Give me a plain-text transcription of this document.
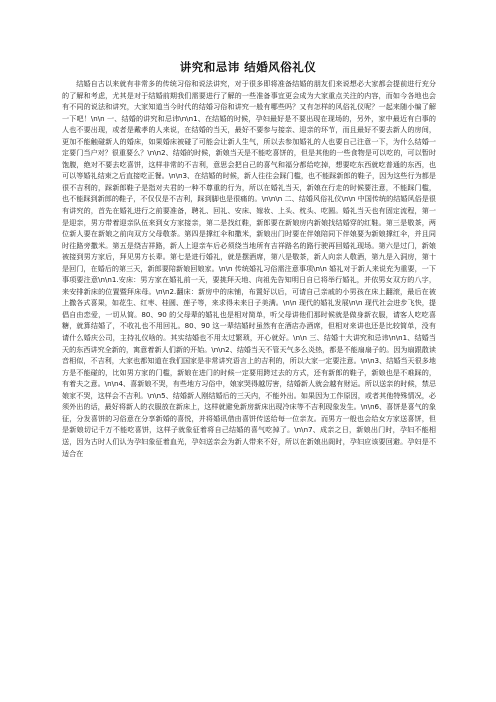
讲究和忌讳 结婚风俗礼仪

结婚自古以来就有非常多的传统习俗和说法讲究，对于很多即将准备结婚的朋友们来说想必大家都会提前进行充分的了解和考虑，尤其是对于结婚前期我们需要进行了解的一些准备事宜更会成为大家重点关注的内容，而如今各地也会有不同的说法和讲究，大家知道当今时代的结婚习俗和讲究一般有哪些吗？又有怎样的风俗礼仪呢？一起来随小编了解一下吧！\n\n 一、结婚的讲究和忌讳\n\n1、在结婚的时候，孕妇最好是不要出现在现场的，另外，家中最近有白事的人也不要出现，或者是戴孝的人来说，在结婚的当天，最好不要参与接亲、迎亲的环节，而且最好不要去新人的房间，更加不能触碰新人的婚床，如果婚床被碰了可能会让新人生气，所以去参加婚礼的人也要自己注意一下，为什么结婚一定要门当户对？很重要么？\n\n2、结婚的时候，新娘当天是不能吃喜饼的，但是其他的一些食物是可以吃的，可以暂时饱腹，绝对不要去吃喜饼，这样非常的不吉利，意思会把自己的喜气和福分都给吃掉，想要吃东西就吃普通的东西，也可以等婚礼结束之后直接吃正餐。\n\n3、在结婚的时候，新人往往会踩门槛，也不能踩新郎的鞋子，因为这些行为都是很不吉利的，踩新郎鞋子是指对夫君的一种不尊重的行为，所以在婚礼当天，新娘在行走的时候要注意，不能踩门槛，也不能踩到新郎的鞋子，不仅仅是不吉利，踩到脚也是很痛的。\n\n\n 二、结婚风俗礼仪\n\n 中国传统的结婚风俗是很有讲究的，首先在婚礼进行之前要准备，聘礼、回礼、安床、嫁妆、上头、枕头、吃圆。婚礼当天也有固定流程，第一是迎亲，男方带着迎亲队伍来到女方家接亲，第二是找红鞋，新郎要在新娘房内新娘找结婚穿的红鞋。第三是敬茶，两位新人要在新娘之前向双方父母敬茶。第四是撑红伞和撒米，新娘出门时要在伴娘陪同下伴娘要为新娘撑红伞，并且同时往路旁撒米。第五是绕吉祥路，新人上迎亲车后必须绕当地所有吉祥路名的路行驶再回婚礼现场。第六是过门，新娘被接到男方家后，拜见男方长辈。第七是进行婚礼，就是摆酒席，第八是敬茶，新人向亲人敬酒，第九是入洞房，第十是回门，在婚后的第三天，新郎要陪新娘回娘家。\n\n 传统婚礼习俗需注意事项\n\n 婚礼对于新人来说充为重要，一下事项要注意\n\n1.安床：男方家在婚礼前一天，要挑拜天地、向祖先告知明日自已将举行婚礼，并依男女双方的八字，来安排新床的位置暨拜床母。\n\n2.翻床：新房中的床铺，布置好以后，可请自己亲戚的小男孩在床上翻滚，最后在被上撒各式喜果，如花生、红枣、桂圆、莲子等，来求得未来日子美满。\n\n 现代的婚礼发展\n\n 现代社会进步飞快，提倡自由恋爱，一切从简。80、90 的父母辈的婚礼也是相对简单，听父母讲他们那时候就是做身新衣服，请客人吃吃喜糖，就算结婚了，不收礼也不用回礼。80、90 这一辈结婚时虽然有在酒店办酒席，但相对来讲也还是比较简单，没有请什么婚庆公司，主持礼仪啥的。其实结婚也不用太过繁琐，开心就好。\n\n 三、结婚十大讲究和忌讳\n\n1、结婚当天的东西讲究全新的，寓意着新人们新的开始。\n\n2、结婚当天不管天气多么炎热，都是不能扇扇子的。因为扇跟散读音相似，不吉利，大家也都知道在我们国家是非常讲究语言上的吉利的，所以大家一定要注意。\n\n3、结婚当天很多地方是不能碰的，比如男方家的门槛，新娘在进门的时候一定要用跨过去的方式，还有新郎的鞋子，新娘也是不难踩的，有着夫之意。\n\n4、喜新娘不哭，有些地方习俗中，娘家哭得越厉害，结婚新人就会越有财运。所以送亲的时候，禁忌娘家不哭，这样会不吉利。\n\n5、结婚新人刚结婚后的三天内，不能外出。如果因为工作原因，或者其他特殊情况，必须外出的话，最好将新人的衣服放在新床上，这样就避免新房新床出现冷床等不吉利现象发生。\n\n6、喜饼是喜气的象征，分发喜饼的习俗意在分享新婚的喜悦，并将婚讯借由喜饼传送给每一位亲友。而男方一般也会给女方家送喜饼，但是新娘切记千万不能吃喜饼，这样子就象征着将自己结婚的喜气吃掉了。\n\n7、成亲之日，新娘出门时，孕妇不能相送，因为古时人们认为孕妇象征着血光，孕妇送亲会为新人带来不好，所以在新娘出阁时，孕妇应该要回避。孕妇是不适合在
